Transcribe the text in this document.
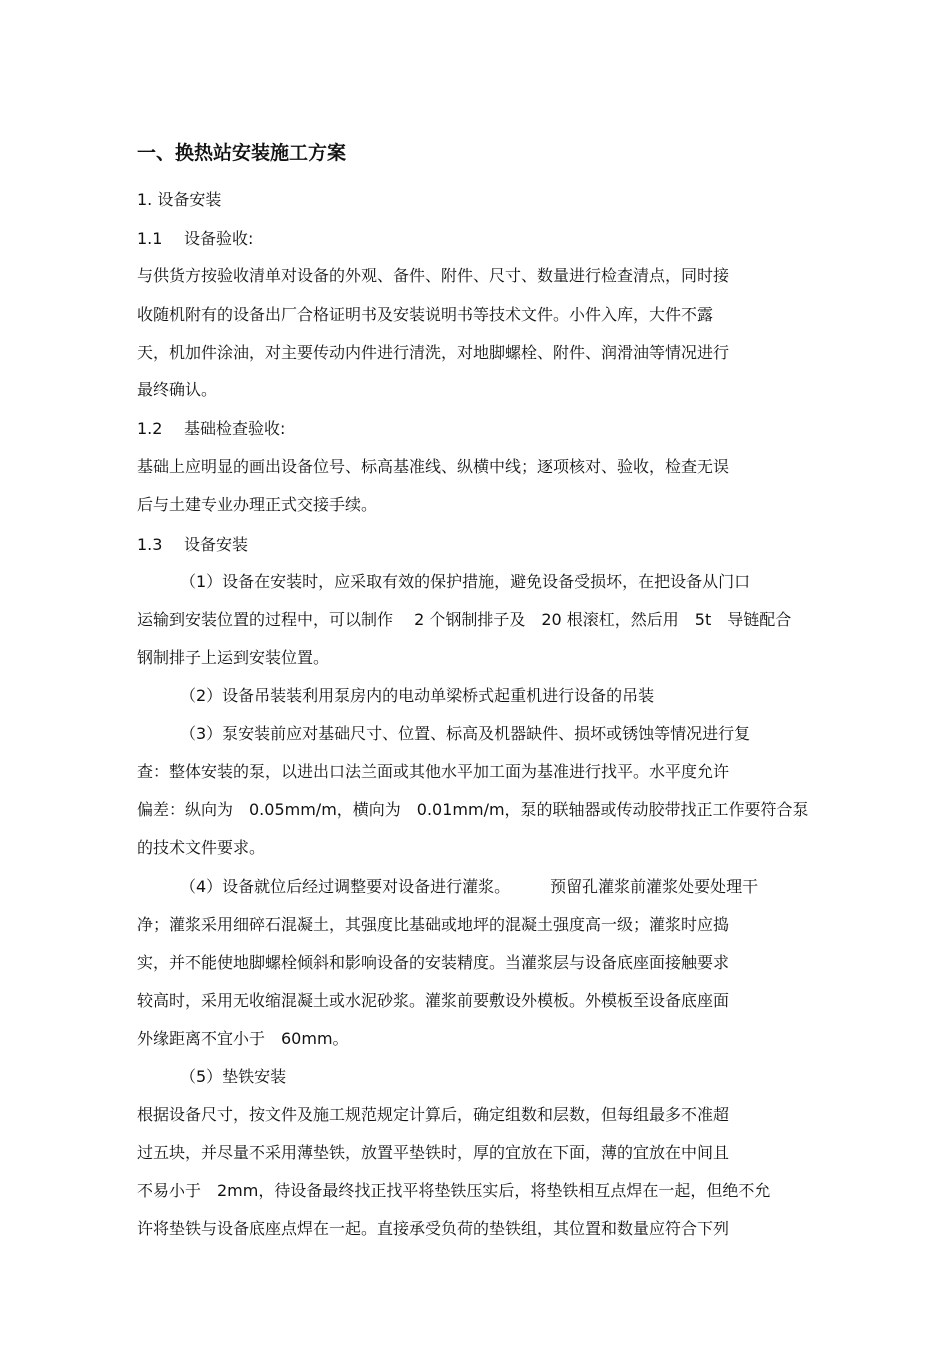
一、换热站安装施工方案

1. 设备安装

1.1 设备验收:

与供货方按验收清单对设备的外观、备件、附件、尺寸、数量进行检查清点，同时接

收随机附有的设备出厂合格证明书及安装说明书等技术文件。小件入库，大件不露

天，机加件涂油，对主要传动内件进行清洗，对地脚螺栓、附件、润滑油等情况进行

最终确认。

1.2 基础检查验收:

基础上应明显的画出设备位号、标高基准线、纵横中线；逐项核对、验收，检查无误

后与土建专业办理正式交接手续。

1.3 设备安装

（1）设备在安装时，应采取有效的保护措施，避免设备受损坏，在把设备从门口

运输到安装位置的过程中，可以制作　 2 个钢制排子及　20 根滚杠，然后用　5t　导链配合

钢制排子上运到安装位置。

（2）设备吊装装利用泵房内的电动单梁桥式起重机进行设备的吊装

（3）泵安装前应对基础尺寸、位置、标高及机器缺件、损坏或锈蚀等情况进行复

查：整体安装的泵，以进出口法兰面或其他水平加工面为基准进行找平。水平度允许

偏差：纵向为　0.05mm/m，横向为　0.01mm/m，泵的联轴器或传动胶带找正工作要符合泵

的技术文件要求。

（4）设备就位后经过调整要对设备进行灌浆。　　　预留孔灌浆前灌浆处要处理干

净；灌浆采用细碎石混凝土，其强度比基础或地坪的混凝土强度高一级；灌浆时应捣

实，并不能使地脚螺栓倾斜和影响设备的安装精度。当灌浆层与设备底座面接触要求

较高时，采用无收缩混凝土或水泥砂浆。灌浆前要敷设外模板。外模板至设备底座面

外缘距离不宜小于　60mm。

（5）垫铁安装

根据设备尺寸，按文件及施工规范规定计算后，确定组数和层数，但每组最多不准超

过五块，并尽量不采用薄垫铁，放置平垫铁时，厚的宜放在下面，薄的宜放在中间且

不易小于　2mm，待设备最终找正找平将垫铁压实后，将垫铁相互点焊在一起，但绝不允

许将垫铁与设备底座点焊在一起。直接承受负荷的垫铁组，其位置和数量应符合下列
